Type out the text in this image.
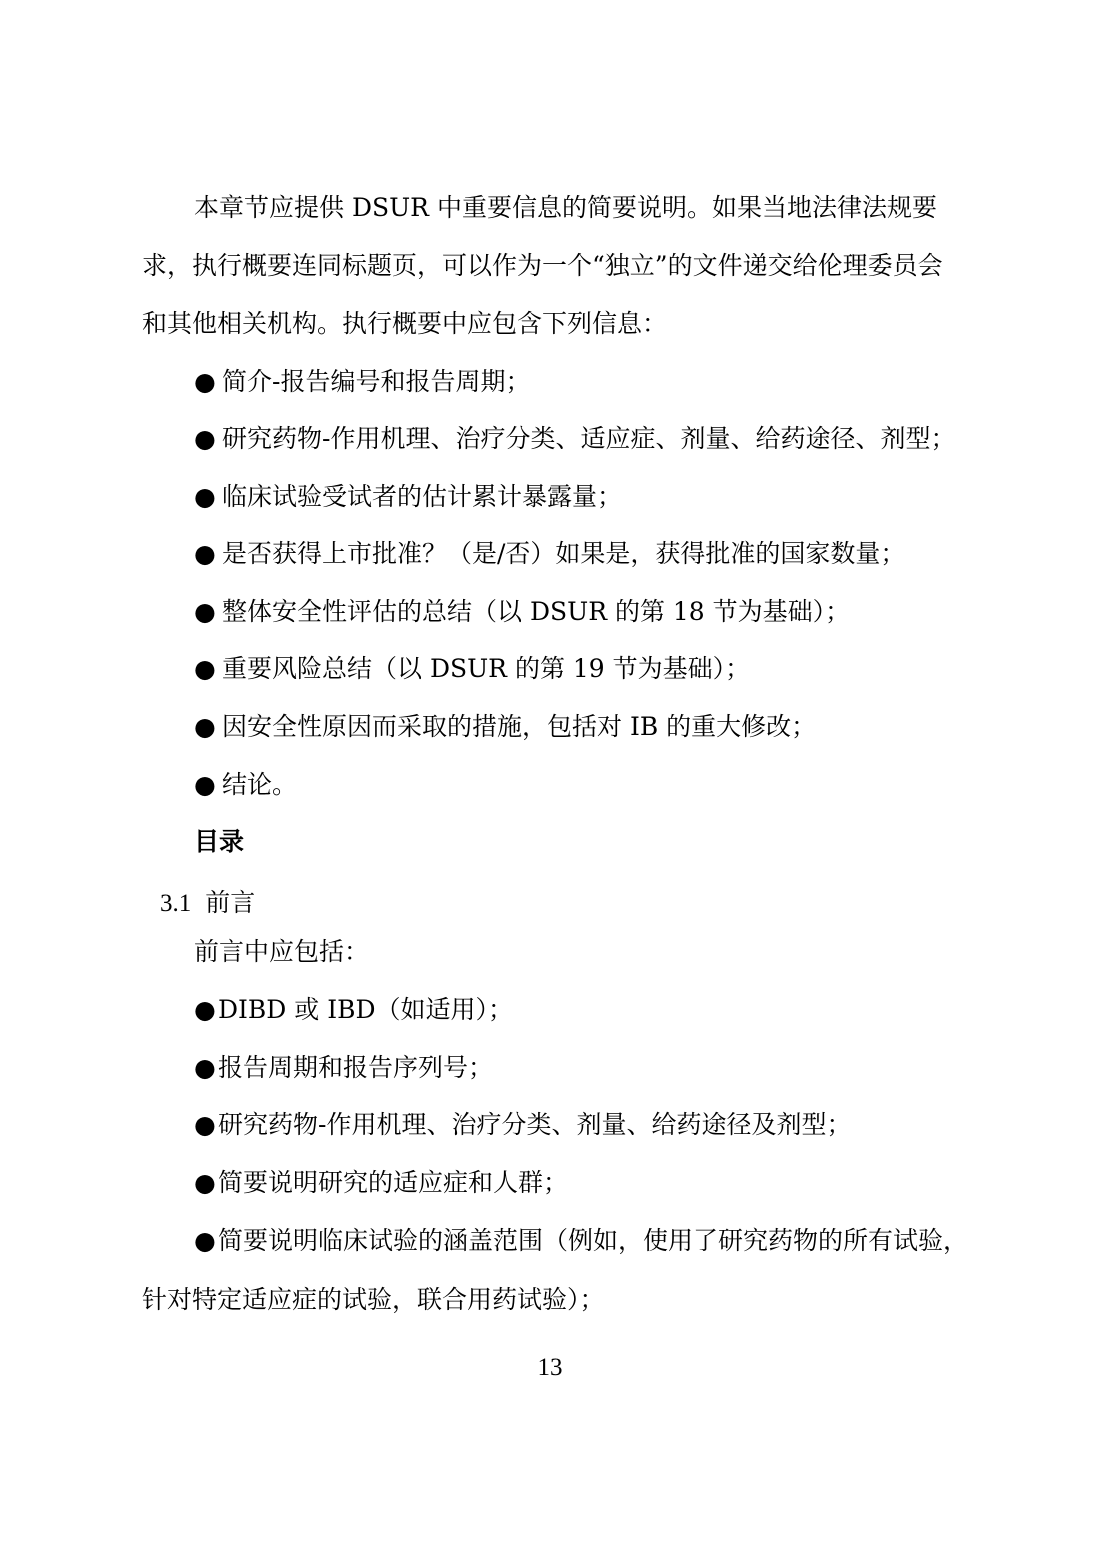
本章节应提供 DSUR 中重要信息的简要说明。如果当地法律法规要
求，执行概要连同标题页，可以作为一个“独立”的文件递交给伦理委员会
和其他相关机构。执行概要中应包含下列信息：
● 简介-报告编号和报告周期；
● 研究药物-作用机理、治疗分类、适应症、剂量、给药途径、剂型；
● 临床试验受试者的估计累计暴露量；
● 是否获得上市批准？（是/否）如果是，获得批准的国家数量；
● 整体安全性评估的总结（以 DSUR 的第 18 节为基础）；
● 重要风险总结（以 DSUR 的第 19 节为基础）；
● 因安全性原因而采取的措施，包括对 IB 的重大修改；
● 结论。
目录
3.1 前言
前言中应包括：
●DIBD 或 IBD（如适用）；
●报告周期和报告序列号；
●研究药物-作用机理、治疗分类、剂量、给药途径及剂型；
●简要说明研究的适应症和人群；
●简要说明临床试验的涵盖范围（例如，使用了研究药物的所有试验，
针对特定适应症的试验，联合用药试验）；
13
